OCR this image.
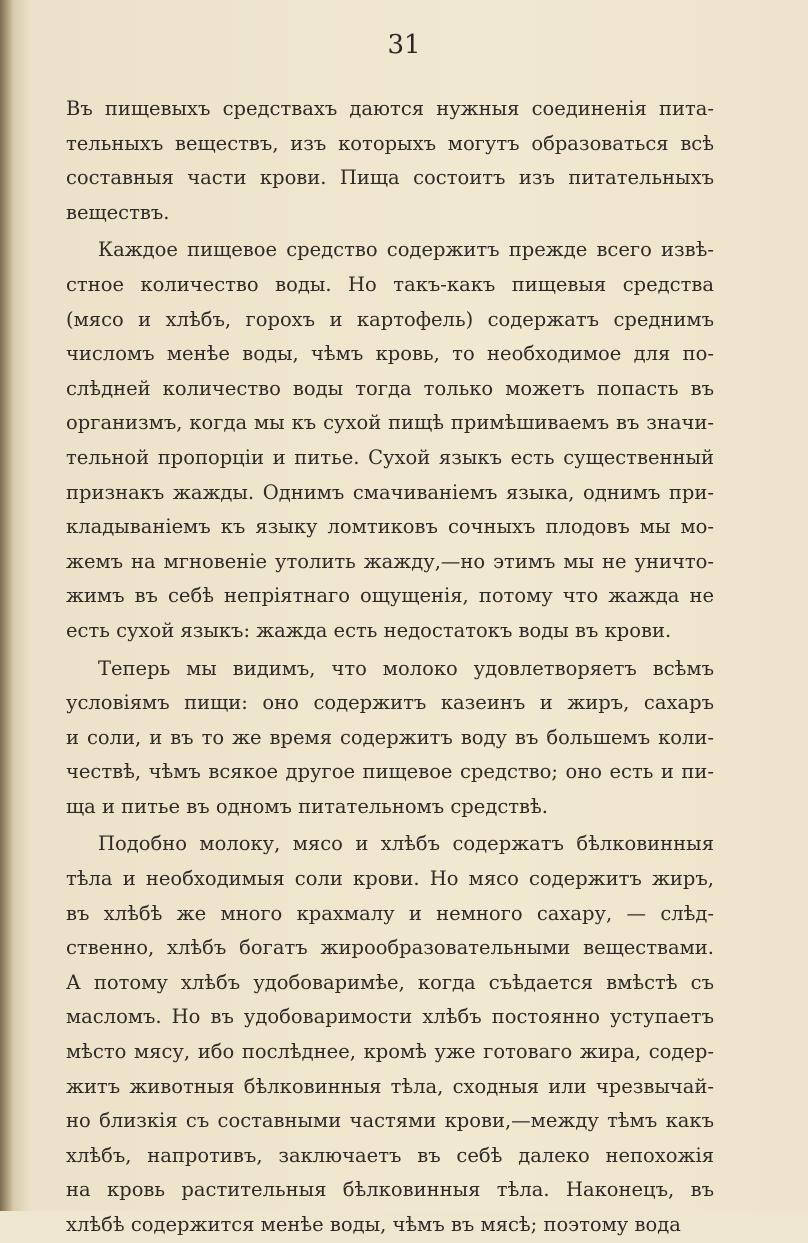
31
Въ пищевыхъ средствахъ даются нужныя соединенія пита-
тельныхъ веществъ, изъ которыхъ могутъ образоваться всѣ
составныя части крови. Пища состоитъ изъ питательныхъ
веществъ.
Каждое пищевое средство содержитъ прежде всего извѣ-
стное количество воды. Но такъ-какъ пищевыя средства
(мясо и хлѣбъ, горохъ и картофель) содержатъ среднимъ
числомъ менѣе воды, чѣмъ кровь, то необходимое для по-
слѣдней количество воды тогда только можетъ попасть въ
организмъ, когда мы къ сухой пищѣ примѣшиваемъ въ значи-
тельной пропорціи и питье. Сухой языкъ есть существенный
признакъ жажды. Однимъ смачиваніемъ языка, однимъ при-
кладываніемъ къ языку ломтиковъ сочныхъ плодовъ мы мо-
жемъ на мгновеніе утолить жажду,—но этимъ мы не уничто-
жимъ въ себѣ непріятнаго ощущенія, потому что жажда не
есть сухой языкъ: жажда есть недостатокъ воды въ крови.
Теперь мы видимъ, что молоко удовлетворяетъ всѣмъ
условіямъ пищи: оно содержитъ казеинъ и жиръ, сахаръ
и соли, и въ то же время содержитъ воду въ большемъ коли-
чествѣ, чѣмъ всякое другое пищевое средство; оно есть и пи-
ща и питье въ одномъ питательномъ средствѣ.
Подобно молоку, мясо и хлѣбъ содержатъ бѣлковинныя
тѣла и необходимыя соли крови. Но мясо содержитъ жиръ,
въ хлѣбѣ же много крахмалу и немного сахару, — слѣд-
ственно, хлѣбъ богатъ жирообразовательными веществами.
А потому хлѣбъ удобоваримѣе, когда съѣдается вмѣстѣ съ
масломъ. Но въ удобоваримости хлѣбъ постоянно уступаетъ
мѣсто мясу, ибо послѣднее, кромѣ уже готоваго жира, содер-
житъ животныя бѣлковинныя тѣла, сходныя или чрезвычай-
но близкія съ составными частями крови,—между тѣмъ какъ
хлѣбъ, напротивъ, заключаетъ въ себѣ далеко непохожія
на кровь растительныя бѣлковинныя тѣла. Наконецъ, въ
хлѣбѣ содержится менѣе воды, чѣмъ въ мясѣ; поэтому вода
